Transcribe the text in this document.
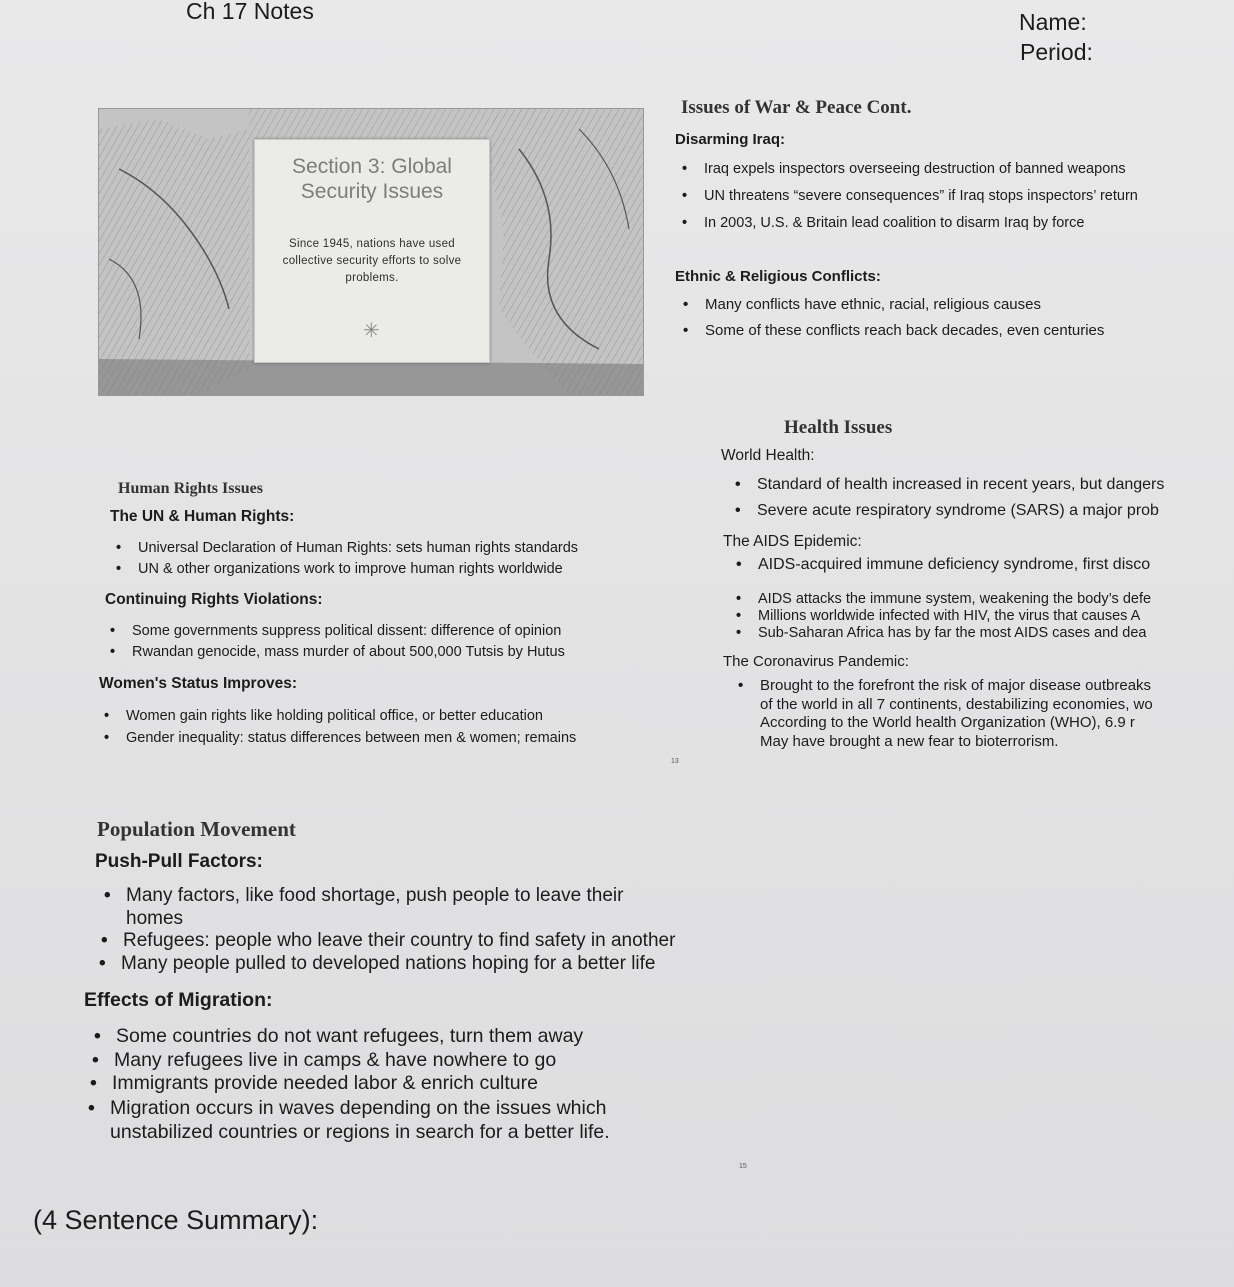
Ch 17 Notes	Name:
Period:
Section 3: Global
Security Issues
Since 1945, nations have used collective security efforts to solve problems.
✳
Issues of War & Peace Cont.
Disarming Iraq:
• Iraq expels inspectors overseeing destruction of banned weapons
• UN threatens “severe consequences” if Iraq stops inspectors’ return
• In 2003, U.S. & Britain lead coalition to disarm Iraq by force
Ethnic & Religious Conflicts:
• Many conflicts have ethnic, racial, religious causes
• Some of these conflicts reach back decades, even centuries
Health Issues
World Health:
• Standard of health increased in recent years, but dangers
• Severe acute respiratory syndrome (SARS) a major prob
The AIDS Epidemic:
• AIDS-acquired immune deficiency syndrome, first disco
• AIDS attacks the immune system, weakening the body’s defe
• Millions worldwide infected with HIV, the virus that causes A
• Sub-Saharan Africa has by far the most AIDS cases and dea
The Coronavirus Pandemic:
• Brought to the forefront the risk of major disease outbreaks
of the world in all 7 continents, destabilizing economies, wo
According to the World health Organization (WHO), 6.9 r
May have brought a new fear to bioterrorism.
Human Rights Issues
The UN & Human Rights:
• Universal Declaration of Human Rights: sets human rights standards
• UN & other organizations work to improve human rights worldwide
Continuing Rights Violations:
• Some governments suppress political dissent: difference of opinion
• Rwandan genocide, mass murder of about 500,000 Tutsis by Hutus
Women's Status Improves:
• Women gain rights like holding political office, or better education
• Gender inequality: status differences between men & women; remains
13
Population Movement
Push-Pull Factors:
• Many factors, like food shortage, push people to leave their
homes
• Refugees: people who leave their country to find safety in another
• Many people pulled to developed nations hoping for a better life
Effects of Migration:
• Some countries do not want refugees, turn them away
• Many refugees live in camps & have nowhere to go
• Immigrants provide needed labor & enrich culture
• Migration occurs in waves depending on the issues which
unstabilized countries or regions in search for a better life.
15
(4 Sentence Summary):
